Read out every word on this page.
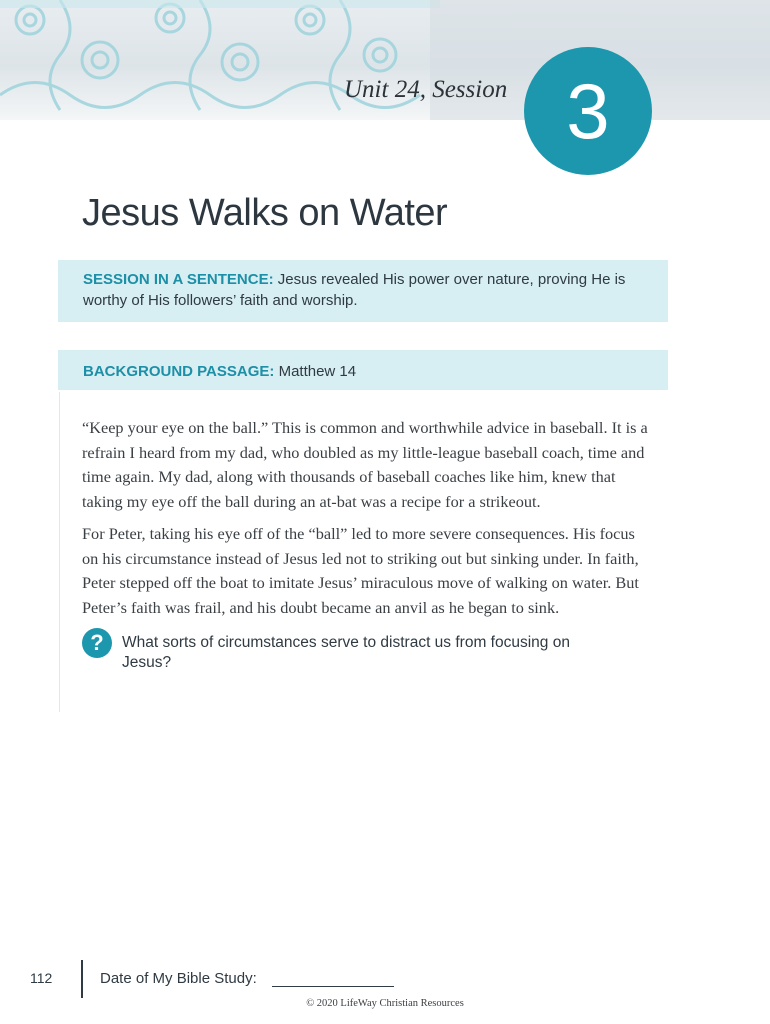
Unit 24, Session 3
Jesus Walks on Water
SESSION IN A SENTENCE: Jesus revealed His power over nature, proving He is worthy of His followers’ faith and worship.
BACKGROUND PASSAGE: Matthew 14

“Keep your eye on the ball.” This is common and worthwhile advice in baseball. It is a refrain I heard from my dad, who doubled as my little-league baseball coach, time and time again. My dad, along with thousands of baseball coaches like him, knew that taking my eye off the ball during an at-bat was a recipe for a strikeout.

For Peter, taking his eye off of the “ball” led to more severe consequences. His focus on his circumstance instead of Jesus led not to striking out but sinking under. In faith, Peter stepped off the boat to imitate Jesus’ miraculous move of walking on water. But Peter’s faith was frail, and his doubt became an anvil as he began to sink.

? What sorts of circumstances serve to distract us from focusing on Jesus?

112	Date of My Bible Study:
© 2020 LifeWay Christian Resources
